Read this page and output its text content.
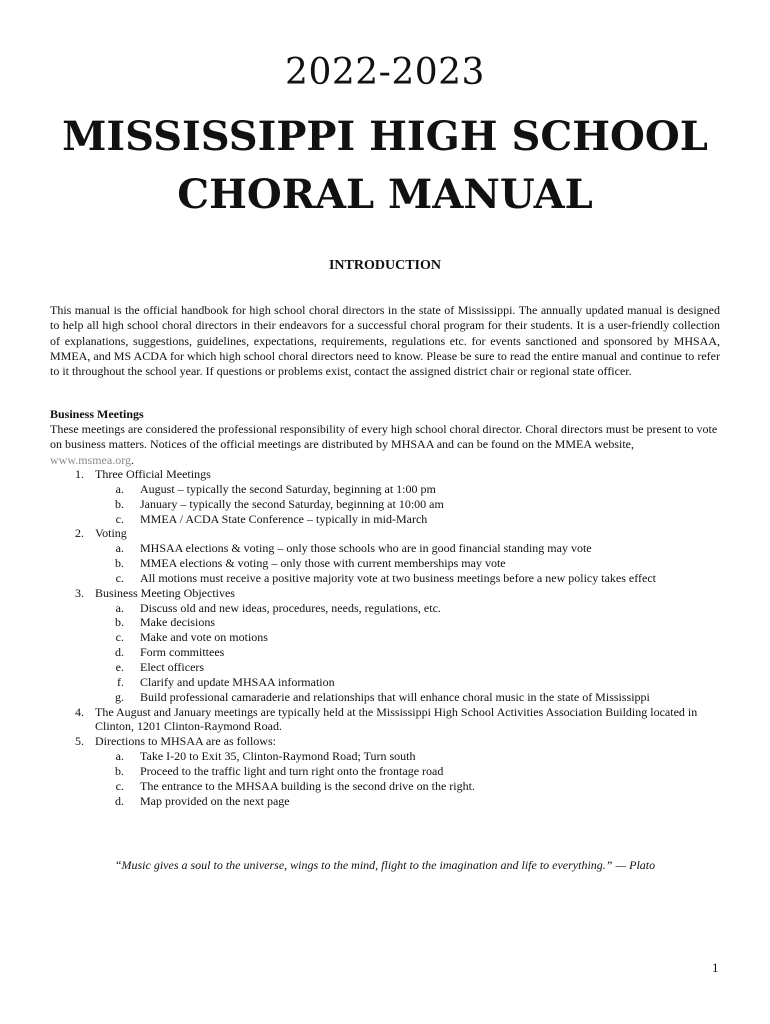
2022-2023
MISSISSIPPI HIGH SCHOOL
CHORAL MANUAL
INTRODUCTION
This manual is the official handbook for high school choral directors in the state of Mississippi. The annually updated manual is designed to help all high school choral directors in their endeavors for a successful choral program for their students. It is a user-friendly collection of explanations, suggestions, guidelines, expectations, requirements, regulations etc. for events sanctioned and sponsored by MHSAA, MMEA, and MS ACDA for which high school choral directors need to know. Please be sure to read the entire manual and continue to refer to it throughout the school year. If questions or problems exist, contact the assigned district chair or regional state officer.
Business Meetings
These meetings are considered the professional responsibility of every high school choral director. Choral directors must be present to vote on business matters. Notices of the official meetings are distributed by MHSAA and can be found on the MMEA website,
www.msmea.org.
1. Three Official Meetings
a.	August – typically the second Saturday, beginning at 1:00 pm
b.	January – typically the second Saturday, beginning at 10:00 am
c.	MMEA / ACDA State Conference – typically in mid-March
2. Voting
a.	MHSAA elections & voting – only those schools who are in good financial standing may vote
b.	MMEA elections & voting – only those with current memberships may vote
c.	All motions must receive a positive majority vote at two business meetings before a new policy takes effect
3. Business Meeting Objectives
a.	Discuss old and new ideas, procedures, needs, regulations, etc.
b.	Make decisions
c.	Make and vote on motions
d.	Form committees
e.	Elect officers
f.	Clarify and update MHSAA information
g.	Build professional camaraderie and relationships that will enhance choral music in the state of Mississippi
4. The August and January meetings are typically held at the Mississippi High School Activities Association Building located in Clinton, 1201 Clinton-Raymond Road.
5. Directions to MHSAA are as follows:
a.	Take I-20 to Exit 35, Clinton-Raymond Road; Turn south
b.	Proceed to the traffic light and turn right onto the frontage road
c.	The entrance to the MHSAA building is the second drive on the right.
d.	Map provided on the next page
“Music gives a soul to the universe, wings to the mind, flight to the imagination and life to everything.” — Plato
1
